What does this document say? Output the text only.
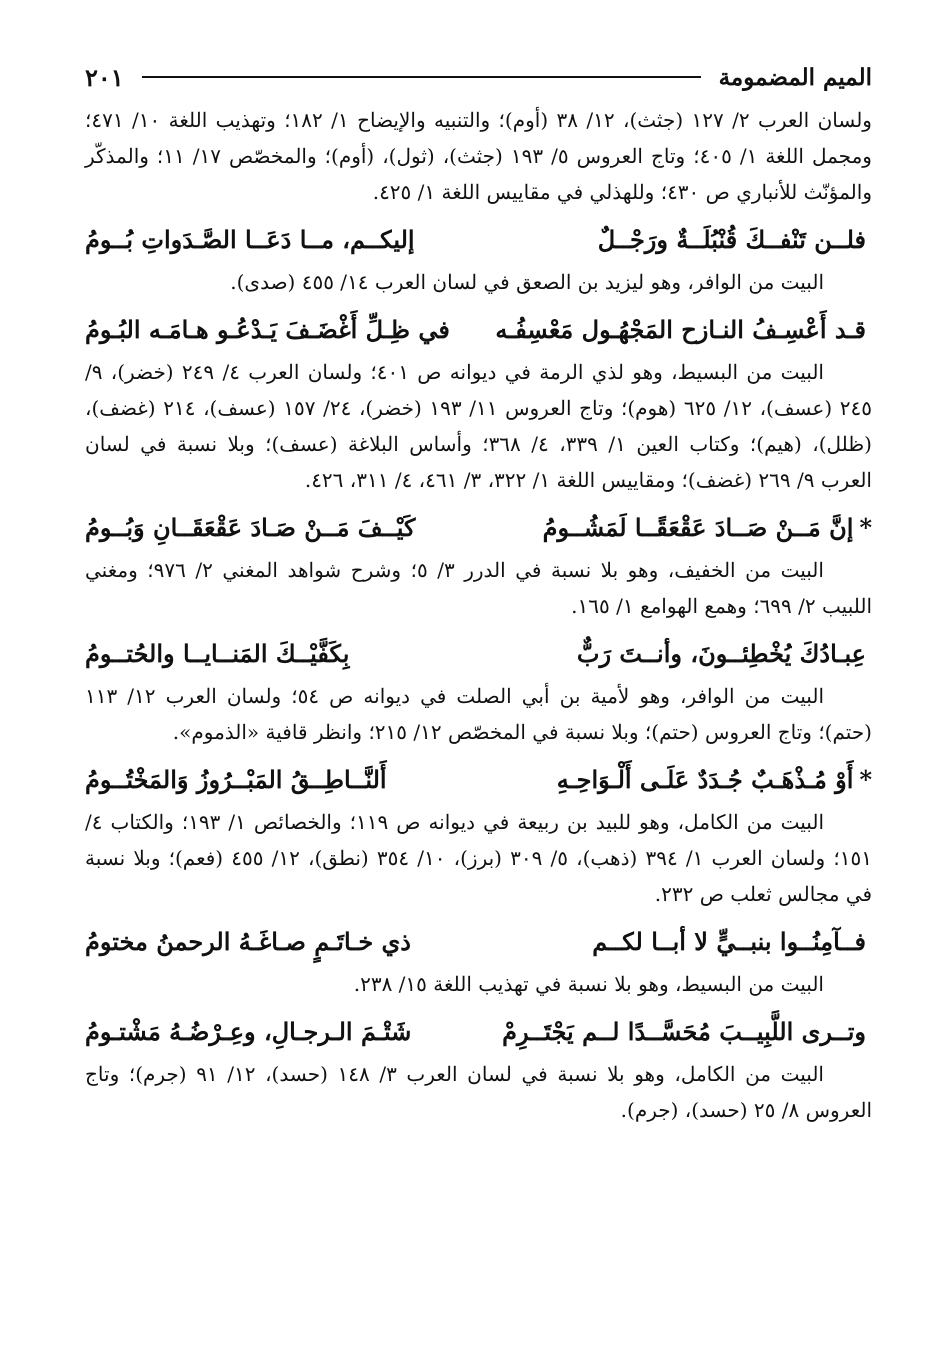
الميم المضمومة
٢٠١

ولسان العرب ٢/ ١٢٧ (جثث)، ١٢/ ٣٨ (أوم)؛ والتنبيه والإيضاح ١/ ١٨٢؛ وتهذيب اللغة ١٠/ ٤٧١؛ ومجمل اللغة ١/ ٤٠٥؛ وتاج العروس ٥/ ١٩٣ (جثث)، (ثول)، (أوم)؛ والمخصّص ١٧/ ١١؛ والمذكّر والمؤنّث للأنباري ص ٤٣٠؛ وللهذلي في مقاييس اللغة ١/ ٤٢٥.

فلــن تَنْفــكَ قُنْبُلَــةٌ ورَجْــلٌ
إليكــم، مــا دَعَــا الصَّـدَواتِ بُــومُ

البيت من الوافر، وهو ليزيد بن الصعق في لسان العرب ١٤/ ٤٥٥ (صدى).

قـد أَعْسِـفُ النـازح المَجْهُـول مَعْسِفُـه
في ظِـلِّ أَغْضَـفَ يَـدْعُـو هـامَـه البُـومُ

البيت من البسيط، وهو لذي الرمة في ديوانه ص ٤٠١؛ ولسان العرب ٤/ ٢٤٩ (خضر)، ٩/ ٢٤٥ (عسف)، ١٢/ ٦٢٥ (هوم)؛ وتاج العروس ١١/ ١٩٣ (خضر)، ٢٤/ ١٥٧ (عسف)، ٢١٤ (غضف)، (ظلل)، (هيم)؛ وكتاب العين ١/ ٣٣٩، ٤/ ٣٦٨؛ وأساس البلاغة (عسف)؛ وبلا نسبة في لسان العرب ٩/ ٢٦٩ (غضف)؛ ومقاييس اللغة ١/ ٣٢٢، ٣/ ٤٦١، ٤/ ٣١١، ٤٢٦.

*إنَّ مَــنْ صَــادَ عَقْعَقًــا لَمَشُــومُ
كَيْــفَ مَــنْ صَـادَ عَقْعَقَــانِ وَبُــومُ

البيت من الخفيف، وهو بلا نسبة في الدرر ٣/ ٥؛ وشرح شواهد المغني ٢/ ٩٧٦؛ ومغني اللبيب ٢/ ٦٩٩؛ وهمع الهوامع ١/ ١٦٥.

عِبـادُكَ يُخْطِئــونَ، وأنــتَ رَبٌّ
بِكَفَّيْــكَ المَنــايــا والحُتــومُ

البيت من الوافر، وهو لأمية بن أبي الصلت في ديوانه ص ٥٤؛ ولسان العرب ١٢/ ١١٣ (حتم)؛ وتاج العروس (حتم)؛ وبلا نسبة في المخصّص ١٢/ ٢١٥؛ وانظر قافية «الذموم».

*أَوْ مُـذْهَـبٌ جُـدَدٌ عَلَـى أَلْـوَاحِـهِ
أَلنَّــاطِــقُ المَبْــرُوزُ وَالمَخْتُــومُ

البيت من الكامل، وهو للبيد بن ربيعة في ديوانه ص ١١٩؛ والخصائص ١/ ١٩٣؛ والكتاب ٤/ ١٥١؛ ولسان العرب ١/ ٣٩٤ (ذهب)، ٥/ ٣٠٩ (برز)، ١٠/ ٣٥٤ (نطق)، ١٢/ ٤٥٥ (فعم)؛ وبلا نسبة في مجالس ثعلب ص ٢٣٢.

فــآمِنُــوا بنبــيٍّ لا أبــا لكــم
ذي خـاتَـمٍ صـاغَـهُ الرحمنُ مختومُ

البيت من البسيط، وهو بلا نسبة في تهذيب اللغة ١٥/ ٢٣٨.

وتــرى اللَّبِيــبَ مُحَسَّــدًا لــم يَجْتَــرِمْ
شَتْـمَ الـرجـالِ، وعِـرْضُـهُ مَشْتـومُ

البيت من الكامل، وهو بلا نسبة في لسان العرب ٣/ ١٤٨ (حسد)، ١٢/ ٩١ (جرم)؛ وتاج العروس ٨/ ٢٥ (حسد)، (جرم).
